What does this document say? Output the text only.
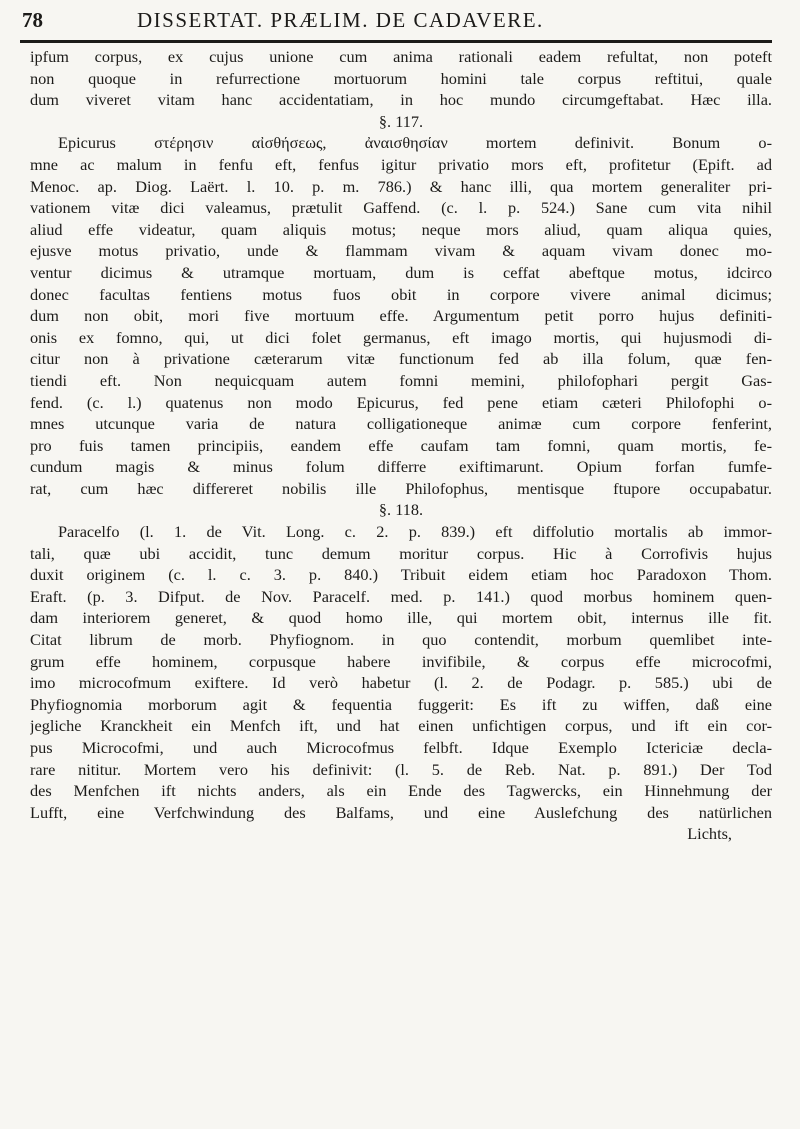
78	DISSERTAT. PRÆLIM. DE CADAVERE.
ipfum corpus, ex cujus unione cum anima rationali eadem refultat, non poteft
non quoque in refurrectione mortuorum homini tale corpus reftitui, quale
dum viveret vitam hanc accidentatiam, in hoc mundo circumgeftabat. Hæc illa.
§. 117.
Epicurus στέρησιν αἰσθήσεως, ἀναισθησίαν mortem definivit. Bonum o-
mne ac malum in fenfu eft, fenfus igitur privatio mors eft, profitetur (Epift. ad
Menoc. ap. Diog. Laërt. l. 10. p. m. 786.) & hanc illi, qua mortem generaliter pri-
vationem vitæ dici valeamus, prætulit Gaffend. (c. l. p. 524.) Sane cum vita nihil
aliud effe videatur, quam aliquis motus; neque mors aliud, quam aliqua quies,
ejusve motus privatio, unde & flammam vivam & aquam vivam donec mo-
ventur dicimus & utramque mortuam, dum is ceffat abeftque motus, idcirco
donec facultas fentiens motus fuos obit in corpore vivere animal dicimus;
dum non obit, mori five mortuum effe. Argumentum petit porro hujus definiti-
onis ex fomno, qui, ut dici folet germanus, eft imago mortis, qui hujusmodi di-
citur non à privatione cæterarum vitæ functionum fed ab illa folum, quæ fen-
tiendi eft. Non nequicquam autem fomni memini, philofophari pergit Gas-
fend. (c. l.) quatenus non modo Epicurus, fed pene etiam cæteri Philofophi o-
mnes utcunque varia de natura colligationeque animæ cum corpore fenferint,
pro fuis tamen principiis, eandem effe caufam tam fomni, quam mortis, fe-
cundum magis & minus folum differre exiftimarunt. Opium forfan fumfe-
rat, cum hæc differeret nobilis ille Philofophus, mentisque ftupore occupabatur.
§. 118.
Paracelfo (l. 1. de Vit. Long. c. 2. p. 839.) eft diffolutio mortalis ab immor-
tali, quæ ubi accidit, tunc demum moritur corpus. Hic à Corrofivis hujus
duxit originem (c. l. c. 3. p. 840.) Tribuit eidem etiam hoc Paradoxon Thom.
Eraft. (p. 3. Difput. de Nov. Paracelf. med. p. 141.) quod morbus hominem quen-
dam interiorem generet, & quod homo ille, qui mortem obit, internus ille fit.
Citat librum de morb. Phyfiognom. in quo contendit, morbum quemlibet inte-
grum effe hominem, corpusque habere invifibile, & corpus effe microcofmi,
imo microcofmum exiftere. Id verò habetur (l. 2. de Podagr. p. 585.) ubi de
Phyfiognomia morborum agit & fequentia fuggerit: Es ift zu wiffen, daß eine
jegliche Kranckheit ein Menfch ift, und hat einen unfichtigen corpus, und ift ein cor-
pus Microcofmi, und auch Microcofmus felbft. Idque Exemplo Ictericiæ decla-
rare nititur. Mortem vero his definivit: (l. 5. de Reb. Nat. p. 891.) Der Tod
des Menfchen ift nichts anders, als ein Ende des Tagwercks, ein Hinnehmung der
Lufft, eine Verfchwindung des Balfams, und eine Auslefchung des natürlichen
Lichts,
